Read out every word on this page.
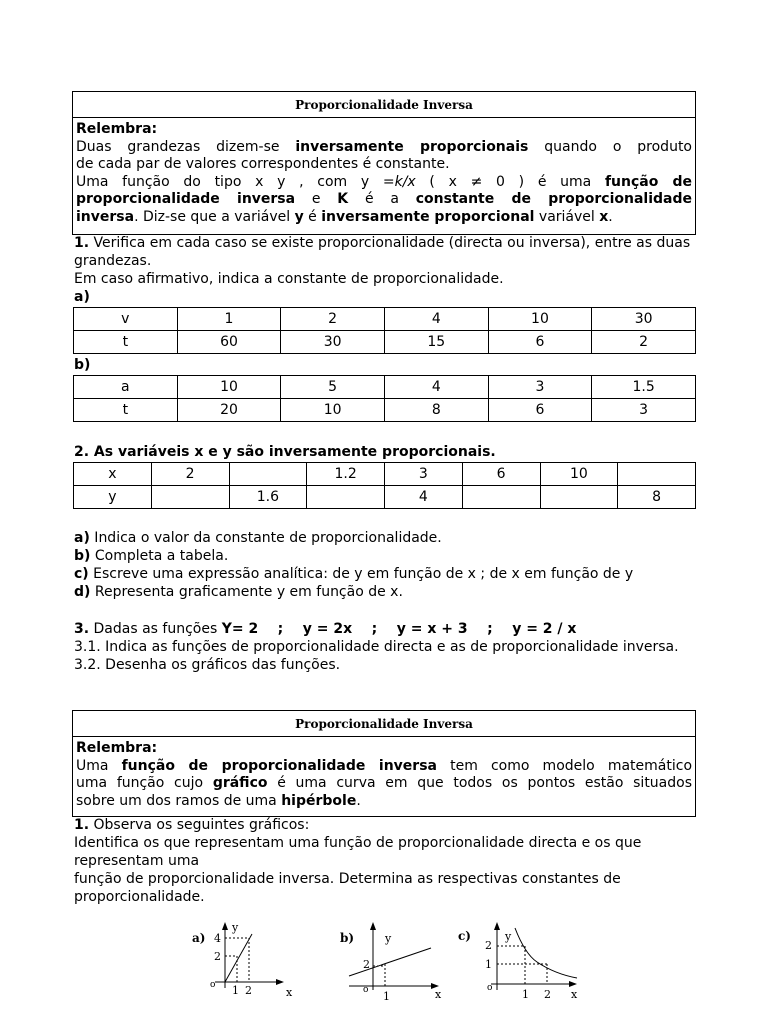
Proporcionalidade Inversa
Relembra:
Duas grandezas dizem-se inversamente proporcionais quando o produto
de cada par de valores correspondentes é constante.
Uma função do tipo x y , com y =k/x ( x ≠ 0 ) é uma função de
proporcionalidade inversa e K é a constante de proporcionalidade
inversa. Diz-se que a variável y é inversamente proporcional variável x.
1. Verifica em cada caso se existe proporcionalidade (directa ou inversa), entre as duas grandezas.
Em caso afirmativo, indica a constante de proporcionalidade.
a)
v	1	2	4	10	30
t	60	30	15	6	2
b)
a	10	5	4	3	1.5
t	20	10	8	6	3
2. As variáveis x e y são inversamente proporcionais.
x	2		1.2	3	6	10	
y		1.6		4			8
a) Indica o valor da constante de proporcionalidade.
b) Completa a tabela.
c) Escreve uma expressão analítica: de y em função de x ; de x em função de y
d) Representa graficamente y em função de x.
3. Dadas as funções Y= 2    ;    y = 2x    ;    y = x + 3    ;    y = 2 / x
3.1. Indica as funções de proporcionalidade directa e as de proporcionalidade inversa.
3.2. Desenha os gráficos das funções.
Proporcionalidade Inversa
Relembra:
Uma função de proporcionalidade inversa tem como modelo matemático
uma função cujo gráfico é uma curva em que todos os pontos estão situados
sobre um dos ramos de uma hipérbole.
1. Observa os seguintes gráficos:
Identifica os que representam uma função de proporcionalidade directa e os que representam uma
função de proporcionalidade inversa. Determina as respectivas constantes de proporcionalidade.
a)
y
x
4
2
1 2
o
b)	y
x
2
1
o
c)	y
x
2
1
1 2
o
